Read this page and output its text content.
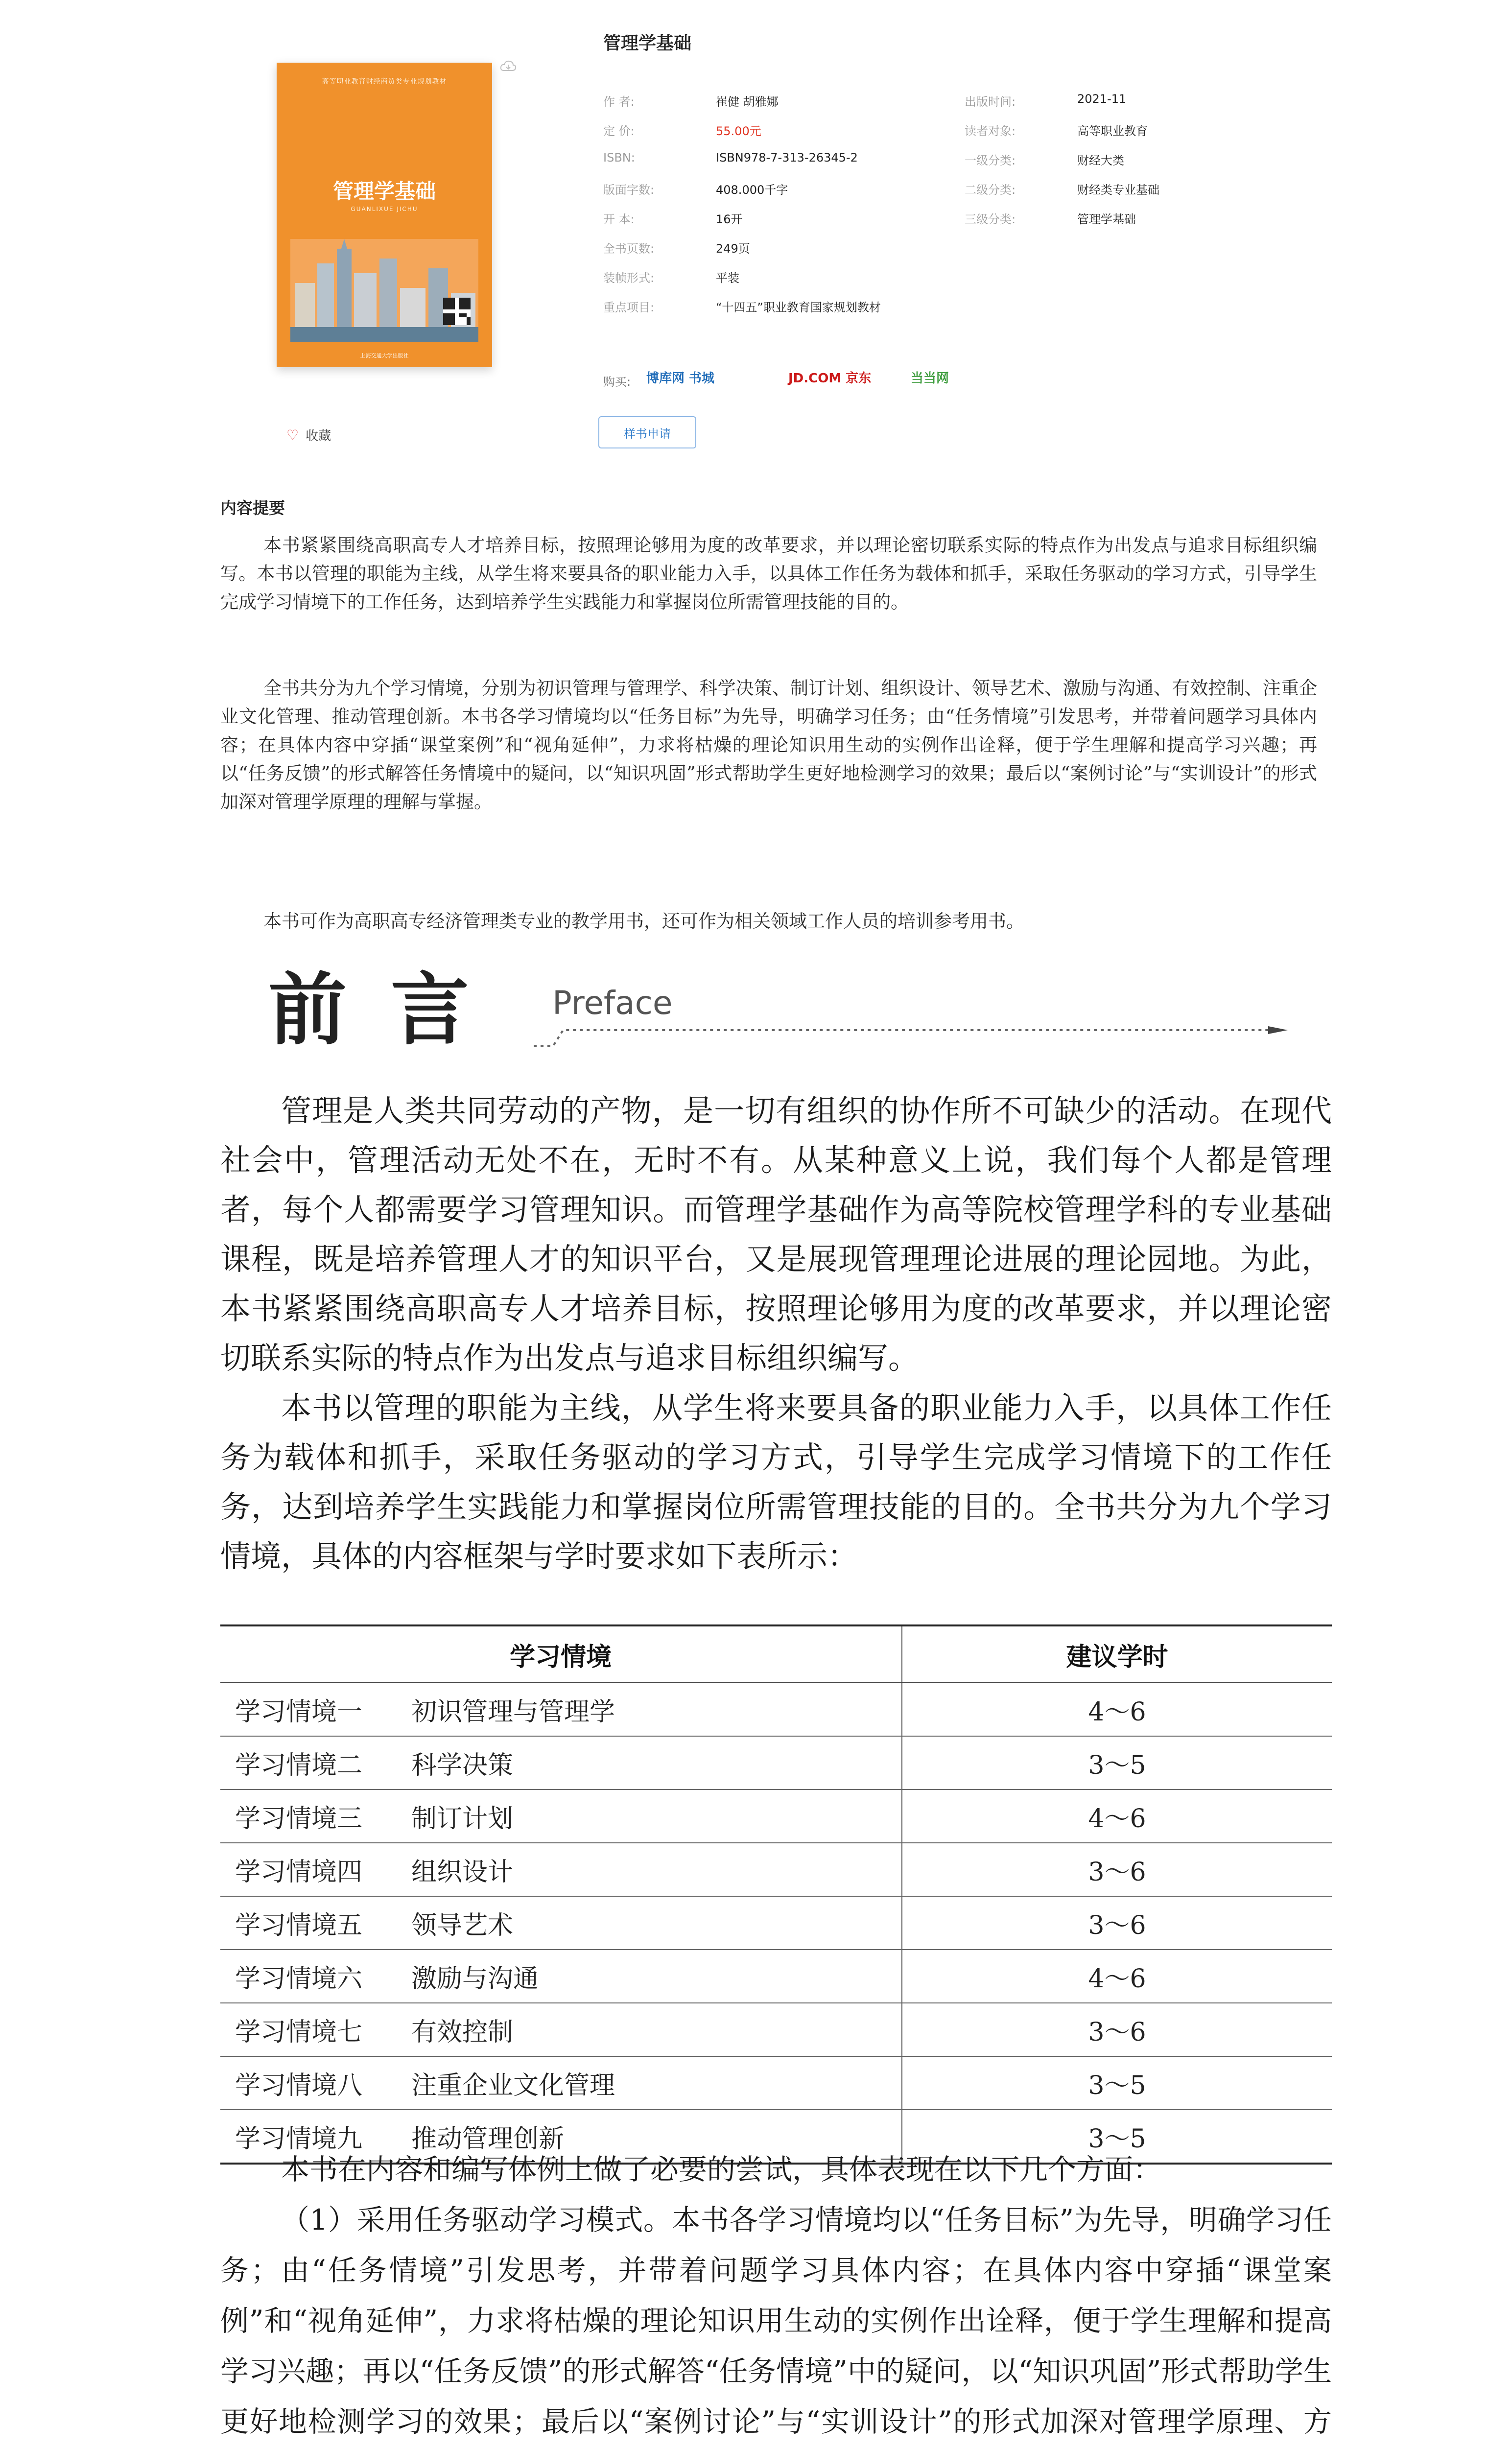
高等职业教育财经商贸类专业规划教材
管理学基础
GUANLIXUE JICHU
上海交通大学出版社
♡ 收藏
管理学基础
作 者:	崔健 胡雅娜
定 价:	55.00元
ISBN:	ISBN978-7-313-26345-2
版面字数:	408.000千字
开 本:	16开
全书页数:	249页
装帧形式:	平装
重点项目:	“十四五”职业教育国家规划教材
出版时间:	2021-11
读者对象:	高等职业教育
一级分类:	财经大类
二级分类:	财经类专业基础
三级分类:	管理学基础
购买: 博库网 书城	JD.COM 京东	当当网
样书申请
内容提要

本书紧紧围绕高职高专人才培养目标，按照理论够用为度的改革要求，并以理论密切联系实际的特点作为出发点与追求目标组织编写。本书以管理的职能为主线，从学生将来要具备的职业能力入手，以具体工作任务为载体和抓手，采取任务驱动的学习方式，引导学生完成学习情境下的工作任务，达到培养学生实践能力和掌握岗位所需管理技能的目的。

全书共分为九个学习情境，分别为初识管理与管理学、科学决策、制订计划、组织设计、领导艺术、激励与沟通、有效控制、注重企业文化管理、推动管理创新。本书各学习情境均以“任务目标”为先导，明确学习任务；由“任务情境”引发思考，并带着问题学习具体内容；在具体内容中穿插“课堂案例”和“视角延伸”，力求将枯燥的理论知识用生动的实例作出诠释，便于学生理解和提高学习兴趣；再以“任务反馈”的形式解答任务情境中的疑问，以“知识巩固”形式帮助学生更好地检测学习的效果；最后以“案例讨论”与“实训设计”的形式加深对管理学原理的理解与掌握。

本书可作为高职高专经济管理类专业的教学用书，还可作为相关领域工作人员的培训参考用书。

前言 Preface

管理是人类共同劳动的产物，是一切有组织的协作所不可缺少的活动。在现代社会中，管理活动无处不在，无时不有。从某种意义上说，我们每个人都是管理者，每个人都需要学习管理知识。而管理学基础作为高等院校管理学科的专业基础课程，既是培养管理人才的知识平台，又是展现管理理论进展的理论园地。为此，本书紧紧围绕高职高专人才培养目标，按照理论够用为度的改革要求，并以理论密切联系实际的特点作为出发点与追求目标组织编写。

本书以管理的职能为主线，从学生将来要具备的职业能力入手，以具体工作任务为载体和抓手，采取任务驱动的学习方式，引导学生完成学习情境下的工作任务，达到培养学生实践能力和掌握岗位所需管理技能的目的。全书共分为九个学习情境，具体的内容框架与学时要求如下表所示：

学习情境	建议学时
学习情境一 初识管理与管理学	4～6
学习情境二 科学决策	3～5
学习情境三 制订计划	4～6
学习情境四 组织设计	3～6
学习情境五 领导艺术	3～6
学习情境六 激励与沟通	4～6
学习情境七 有效控制	3～6
学习情境八 注重企业文化管理	3～5
学习情境九 推动管理创新	3～5

本书在内容和编写体例上做了必要的尝试，具体表现在以下几个方面：

（1）采用任务驱动学习模式。本书各学习情境均以“任务目标”为先导，明确学习任务；由“任务情境”引发思考，并带着问题学习具体内容；在具体内容中穿插“课堂案例”和“视角延伸”，力求将枯燥的理论知识用生动的实例作出诠释，便于学生理解和提高学习兴趣；再以“任务反馈”的形式解答“任务情境”中的疑问，以“知识巩固”形式帮助学生更好地检测学习的效果；最后以“案例讨论”与“实训设计”的形式加深对管理学原理、方
